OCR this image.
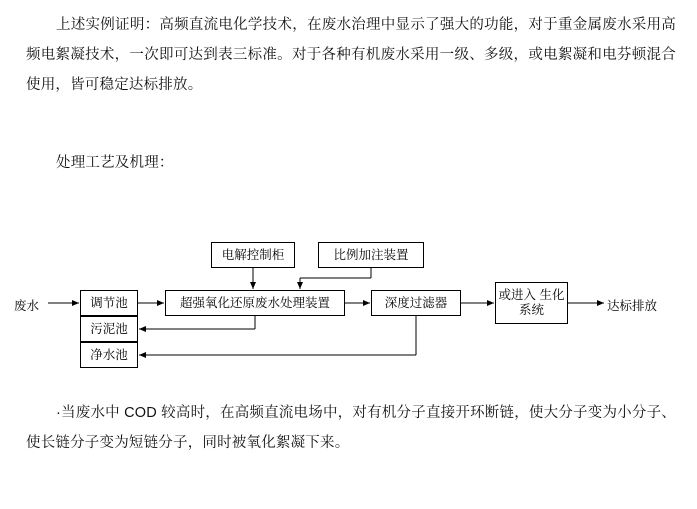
上述实例证明：高频直流电化学技术，在废水治理中显示了强大的功能，对于重金属废水采用高频电絮凝技术，一次即可达到表三标准。对于各种有机废水采用一级、多级，或电絮凝和电芬顿混合使用，皆可稳定达标排放。
处理工艺及机理：
废水
电解控制柜	比例加注装置
调节池
污泥池
净水池
超强氧化还原废水处理装置	深度过滤器
或进入 生化系统	达标排放
·当废水中 COD 较高时，在高频直流电场中，对有机分子直接开环断链，使大分子变为小分子、使长链分子变为短链分子，同时被氧化絮凝下来。
